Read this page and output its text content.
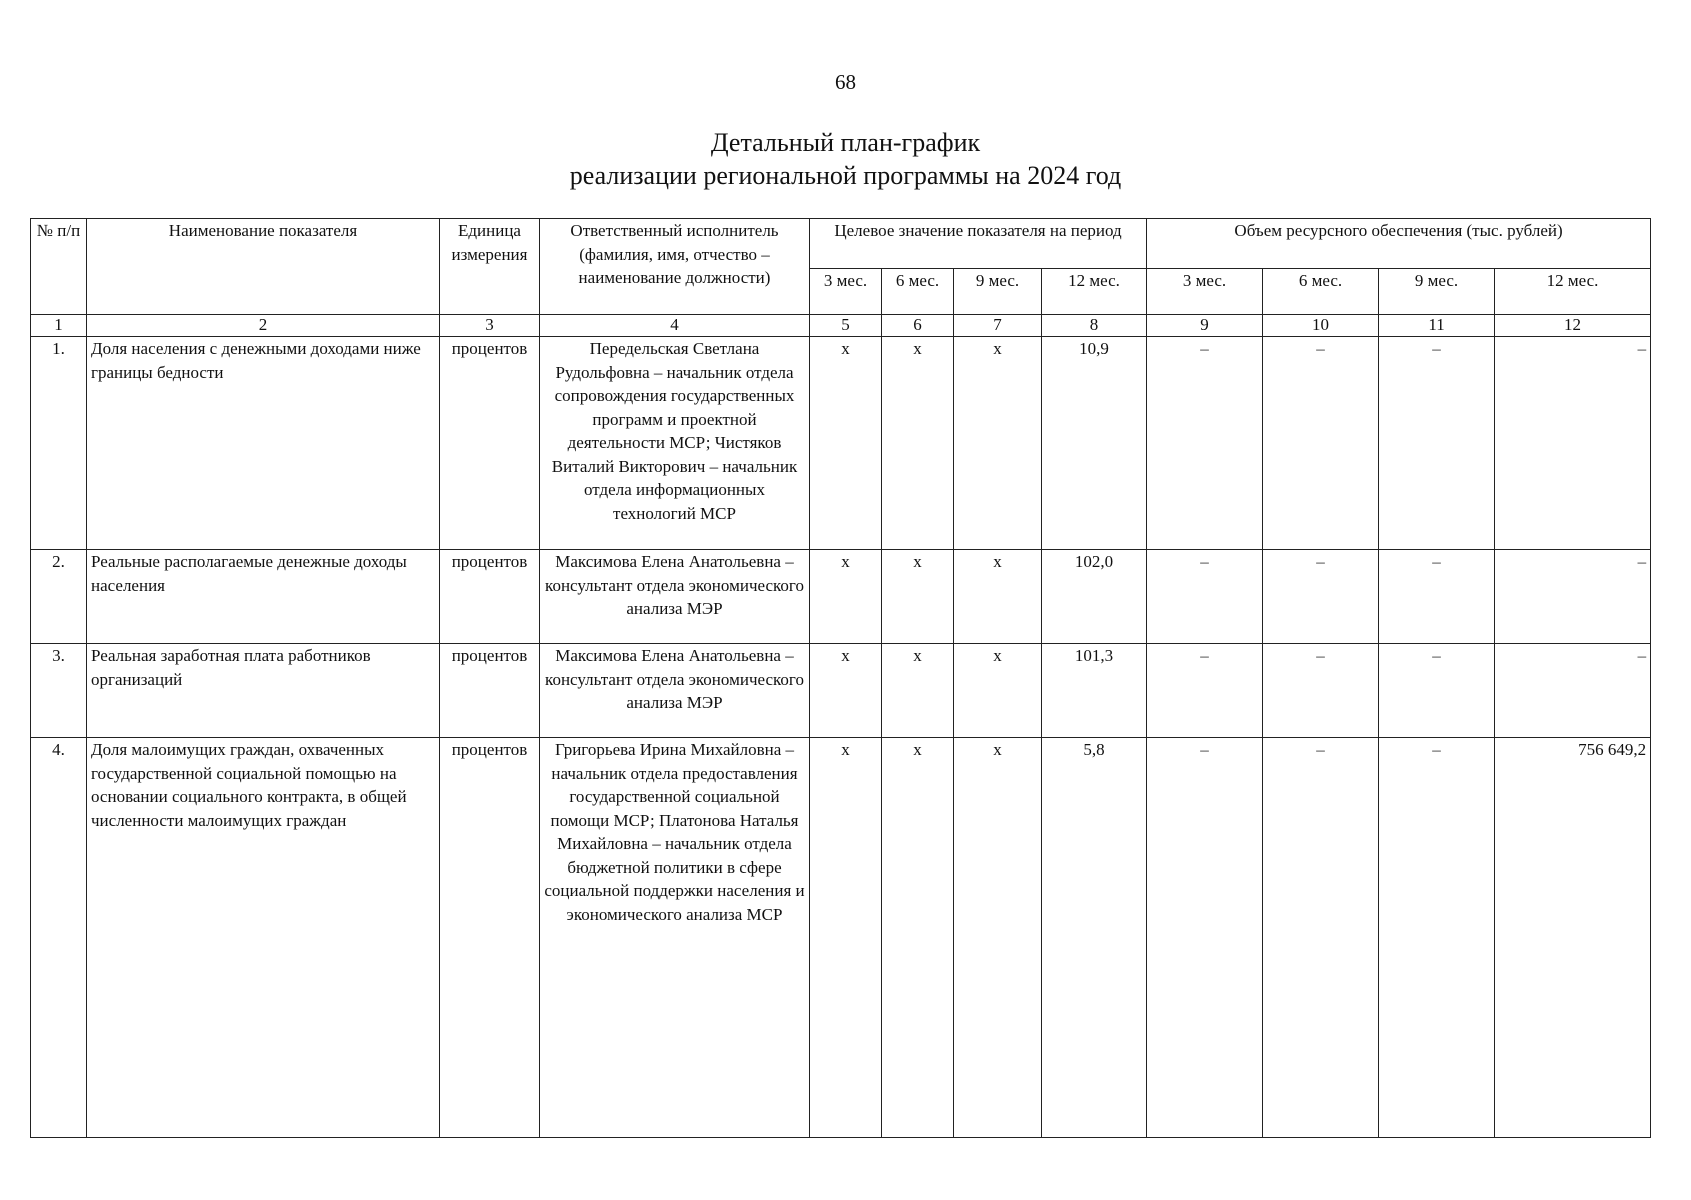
68
Детальный план-график
реализации региональной программы на 2024 год
№ п/п	Наименование показателя	Единица измерения	Ответственный исполнитель (фамилия, имя, отчество – наименование должности)	Целевое значение показателя на период				Объем ресурсного обеспечения (тыс. рублей)			
				3 мес.	6 мес.	9 мес.	12 мес.	3 мес.	6 мес.	9 мес.	12 мес.
1	2	3	4	5	6	7	8	9	10	11	12
1.	Доля населения с денежными доходами ниже границы бедности	процентов	Передельская Светлана Рудольфовна – начальник отдела сопровождения государственных программ и проектной деятельности МСР; Чистяков Виталий Викторович – начальник отдела информационных технологий МСР	x	x	x	10,9	–	–	–	–
2.	Реальные располагаемые денежные доходы населения	процентов	Максимова Елена Анатольевна – консультант отдела экономического анализа МЭР	x	x	x	102,0	–	–	–	–
3.	Реальная заработная плата работников организаций	процентов	Максимова Елена Анатольевна – консультант отдела экономического анализа МЭР	x	x	x	101,3	–	–	–	–
4.	Доля малоимущих граждан, охваченных государственной социальной помощью на основании социального контракта, в общей численности малоимущих граждан	процентов	Григорьева Ирина Михайловна – начальник отдела предоставления государственной социальной помощи МСР; Платонова Наталья Михайловна – начальник отдела бюджетной политики в сфере социальной поддержки населения и экономического анализа МСР	x	x	x	5,8	–	–	–	756 649,2
